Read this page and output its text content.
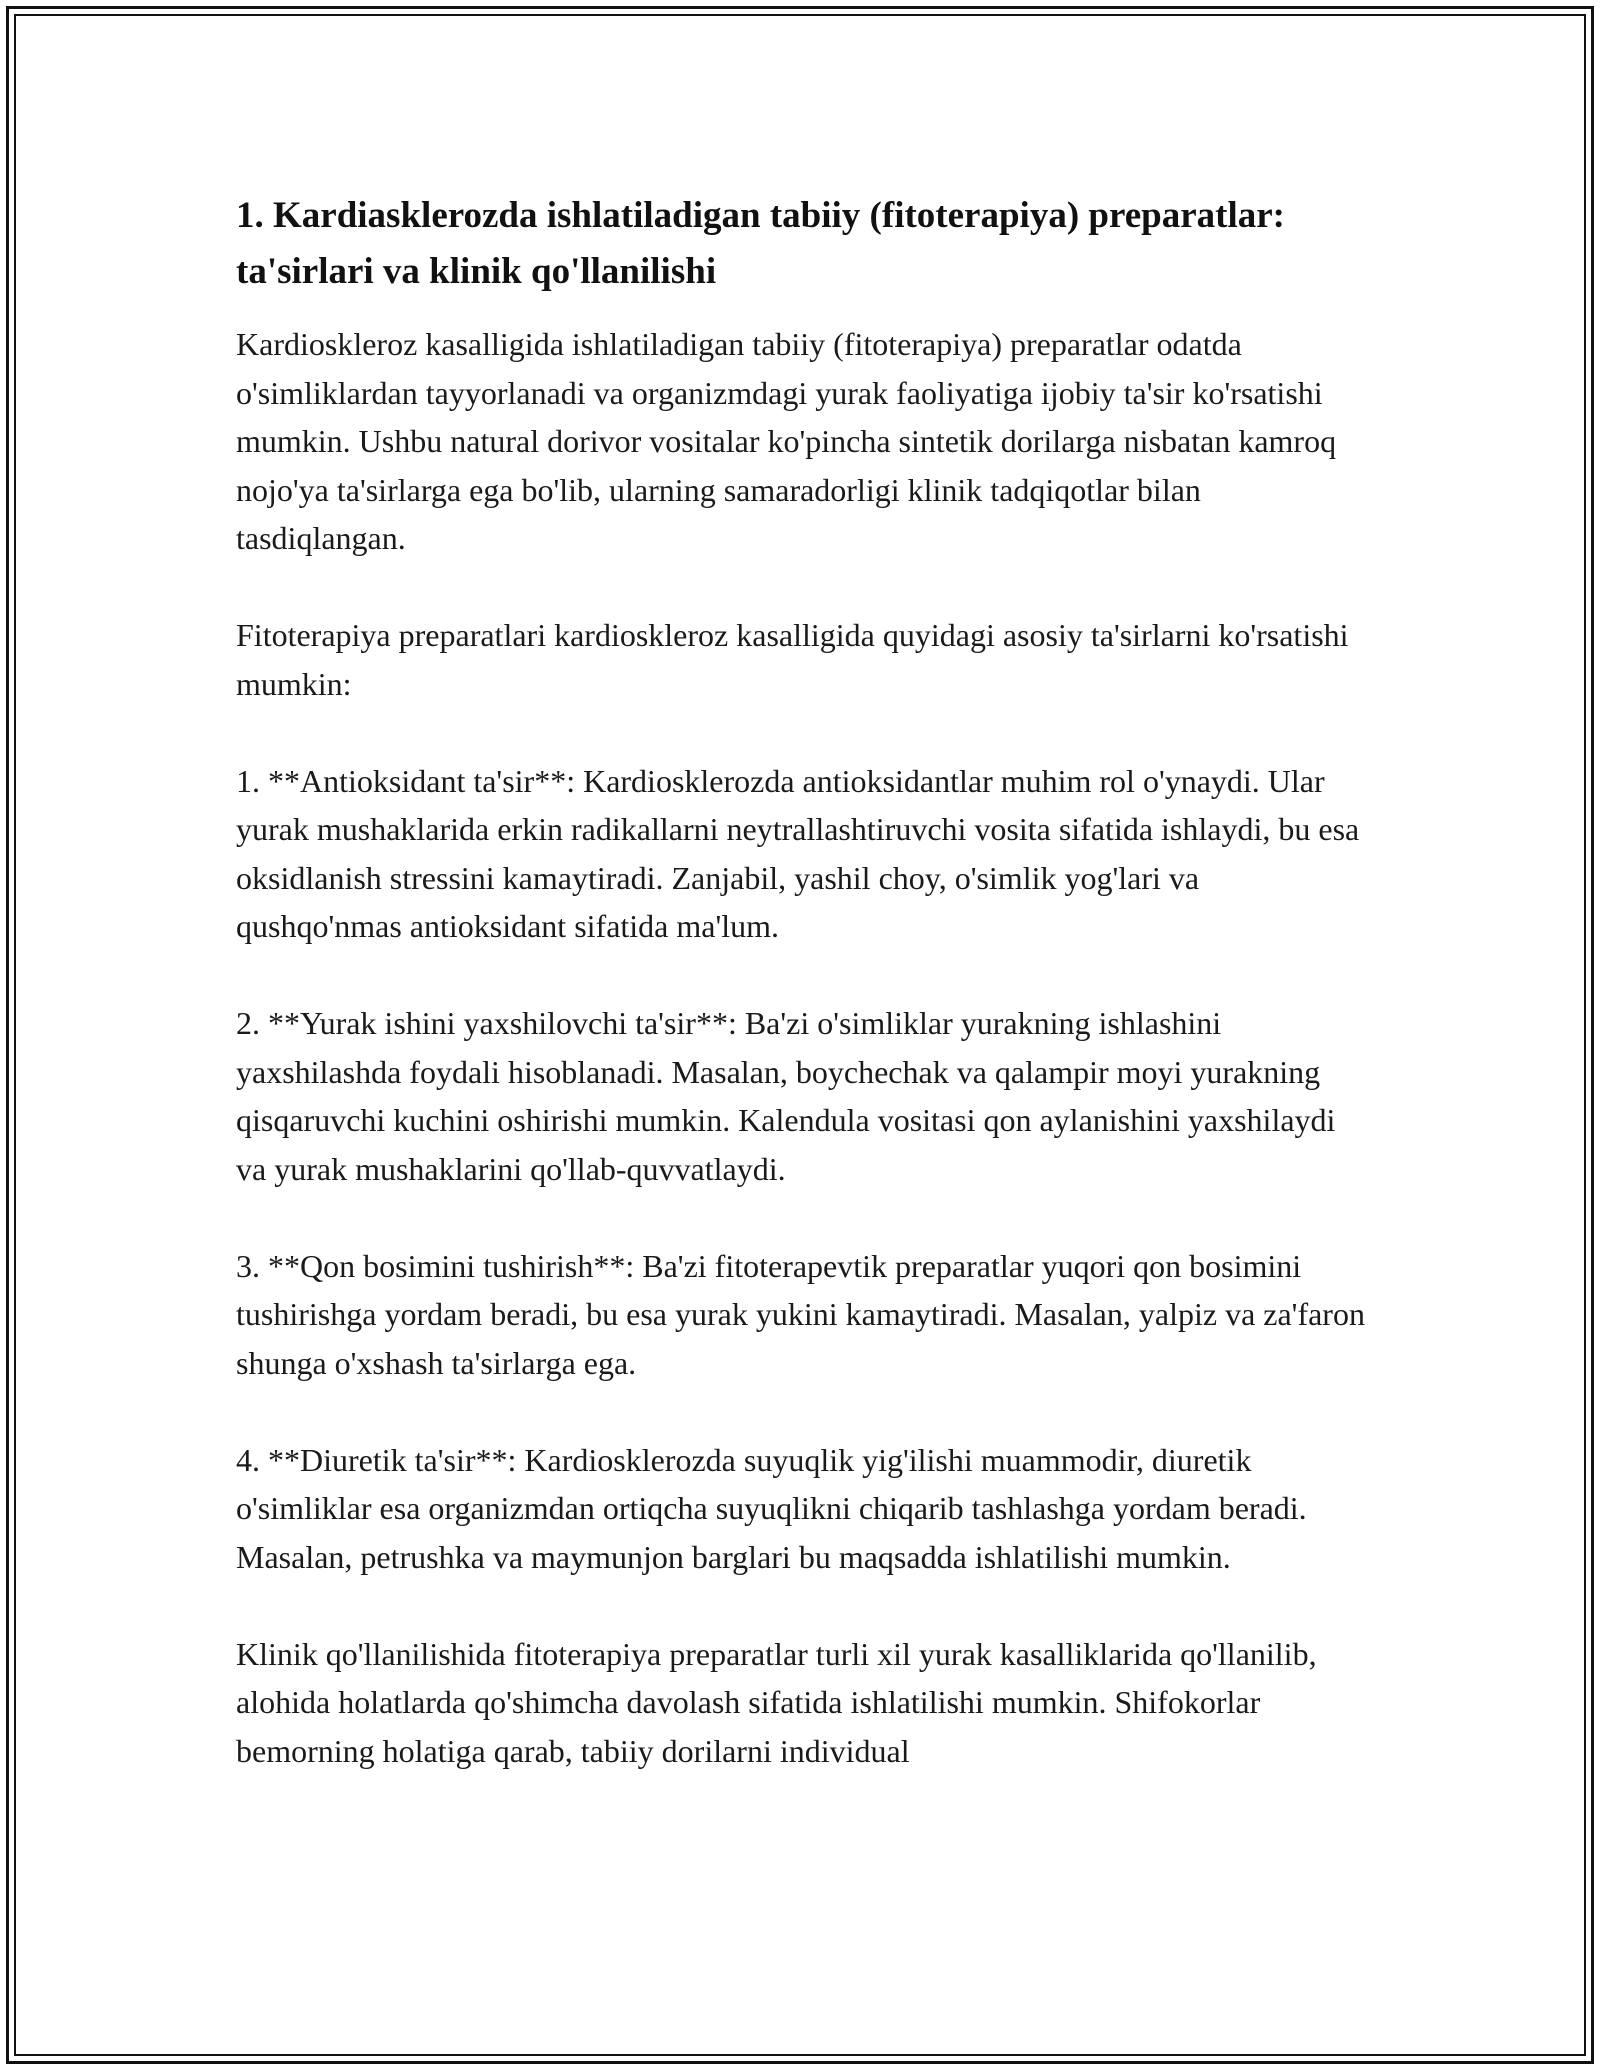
1. Kardiasklerozda ishlatiladigan tabiiy (fitoterapiya) preparatlar: ta'sirlari va klinik qo'llanilishi

Kardioskleroz kasalligida ishlatiladigan tabiiy (fitoterapiya) preparatlar odatda o'simliklardan tayyorlanadi va organizmdagi yurak faoliyatiga ijobiy ta'sir ko'rsatishi mumkin. Ushbu natural dorivor vositalar ko'pincha sintetik dorilarga nisbatan kamroq nojo'ya ta'sirlarga ega bo'lib, ularning samaradorligi klinik tadqiqotlar bilan tasdiqlangan.

Fitoterapiya preparatlari kardioskleroz kasalligida quyidagi asosiy ta'sirlarni ko'rsatishi mumkin:

1. **Antioksidant ta'sir**: Kardiosklerozda antioksidantlar muhim rol o'ynaydi. Ular yurak mushaklarida erkin radikallarni neytrallashtiruvchi vosita sifatida ishlaydi, bu esa oksidlanish stressini kamaytiradi. Zanjabil, yashil choy, o'simlik yog'lari va qushqo'nmas antioksidant sifatida ma'lum.

2. **Yurak ishini yaxshilovchi ta'sir**: Ba'zi o'simliklar yurakning ishlashini yaxshilashda foydali hisoblanadi. Masalan, boychechak va qalampir moyi yurakning qisqaruvchi kuchini oshirishi mumkin. Kalendula vositasi qon aylanishini yaxshilaydi va yurak mushaklarini qo'llab-quvvatlaydi.

3. **Qon bosimini tushirish**: Ba'zi fitoterapevtik preparatlar yuqori qon bosimini tushirishga yordam beradi, bu esa yurak yukini kamaytiradi. Masalan, yalpiz va za'faron shunga o'xshash ta'sirlarga ega.

4. **Diuretik ta'sir**: Kardiosklerozda suyuqlik yig'ilishi muammodir, diuretik o'simliklar esa organizmdan ortiqcha suyuqlikni chiqarib tashlashga yordam beradi. Masalan, petrushka va maymunjon barglari bu maqsadda ishlatilishi mumkin.

Klinik qo'llanilishida fitoterapiya preparatlar turli xil yurak kasalliklarida qo'llanilib, alohida holatlarda qo'shimcha davolash sifatida ishlatilishi mumkin. Shifokorlar bemorning holatiga qarab, tabiiy dorilarni individual
